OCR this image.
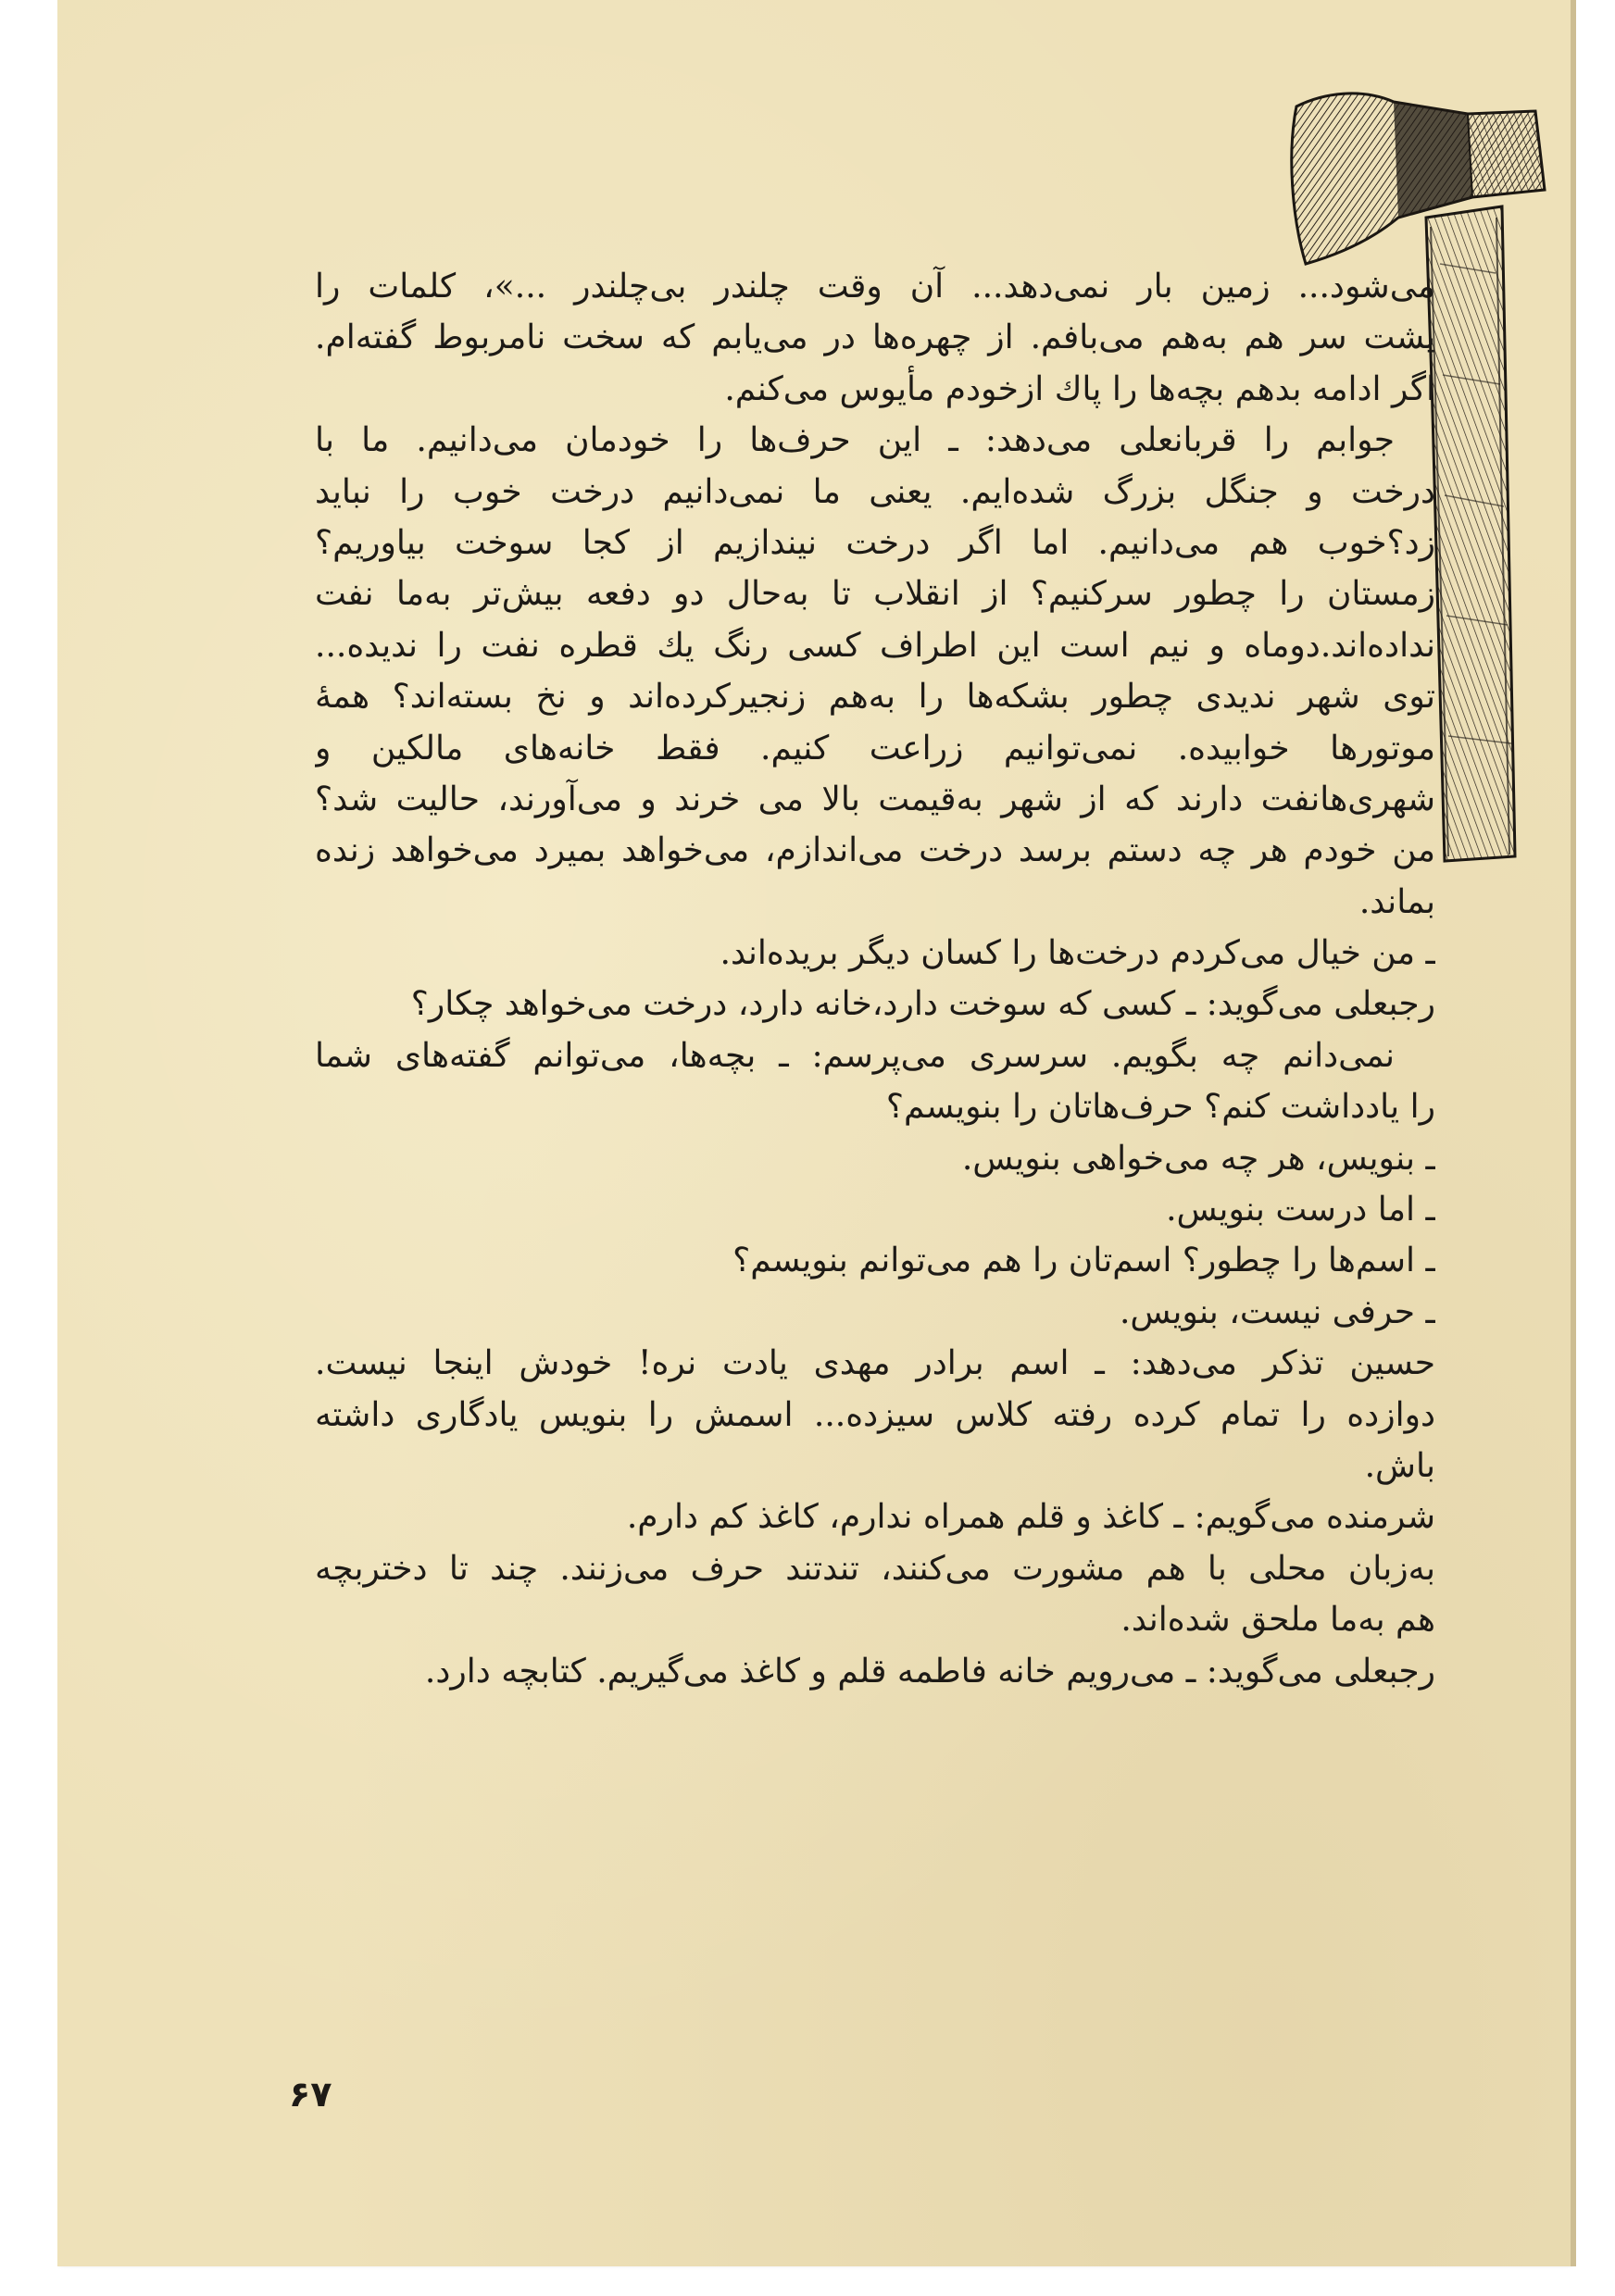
می‌شود... زمین بار نمی‌دهد... آن وقت چلندر بی‌چلندر ...»، کلمات را
پشت سر هم به‌هم می‌بافم. از چهره‌ها در می‌یابم که سخت نامربوط گفته‌ام.
اگر ادامه بدهم بچه‌ها را پاك ازخودم مأیوس می‌کنم.
جوابم را قربانعلی می‌دهد: ـ این حرف‌ها را خودمان می‌دانیم. ما با
درخت و جنگل بزرگ شده‌ایم. یعنی ما نمی‌دانیم درخت خوب را نباید
زد؟خوب هم می‌دانیم. اما اگر درخت نیندازیم از کجا سوخت بیاوریم؟
زمستان را چطور سرکنیم؟ از انقلاب تا به‌حال دو دفعه بیش‌تر به‌ما نفت
نداده‌اند.دوماه و نیم است این اطراف کسی رنگ یك قطره نفت را ندیده...
توی شهر ندیدی چطور بشکه‌ها را به‌هم زنجیرکرده‌اند و نخ بسته‌اند؟ همهٔ
موتورها خوابیده. نمی‌توانیم زراعت کنیم. فقط خانه‌های مالکین و
شهری‌هانفت دارند که از شهر به‌قیمت بالا می خرند و می‌آورند، حالیت شد؟
من خودم هر چه دستم برسد درخت می‌اندازم، می‌خواهد بمیرد می‌خواهد زنده
بماند.
ـ من خیال می‌کردم درخت‌ها را کسان دیگر بریده‌اند.
رجبعلی می‌گوید: ـ کسی که سوخت دارد،خانه دارد، درخت می‌خواهد چکار؟
نمی‌دانم چه بگویم. سرسری می‌پرسم: ـ بچه‌ها، می‌توانم گفته‌های شما
را یادداشت کنم؟ حرف‌هاتان را بنویسم؟
ـ بنویس، هر چه می‌خواهی بنویس.
ـ اما درست بنویس.
ـ اسم‌ها را چطور؟ اسم‌تان را هم می‌توانم بنویسم؟
ـ حرفی نیست، بنویس.
حسین تذکر می‌دهد: ـ اسم برادر مهدی یادت نره! خودش اینجا نیست.
دوازده را تمام کرده رفته کلاس سیزده... اسمش را بنویس یادگاری داشته
باش.
شرمنده می‌گویم: ـ کاغذ و قلم همراه ندارم، کاغذ کم دارم.
به‌زبان محلی با هم مشورت می‌کنند، تندتند حرف می‌زنند. چند تا دختربچه
هم به‌ما ملحق شده‌اند.
رجبعلی می‌گوید: ـ می‌رویم خانه فاطمه قلم و کاغذ می‌گیریم. کتابچه دارد.
۶۷
